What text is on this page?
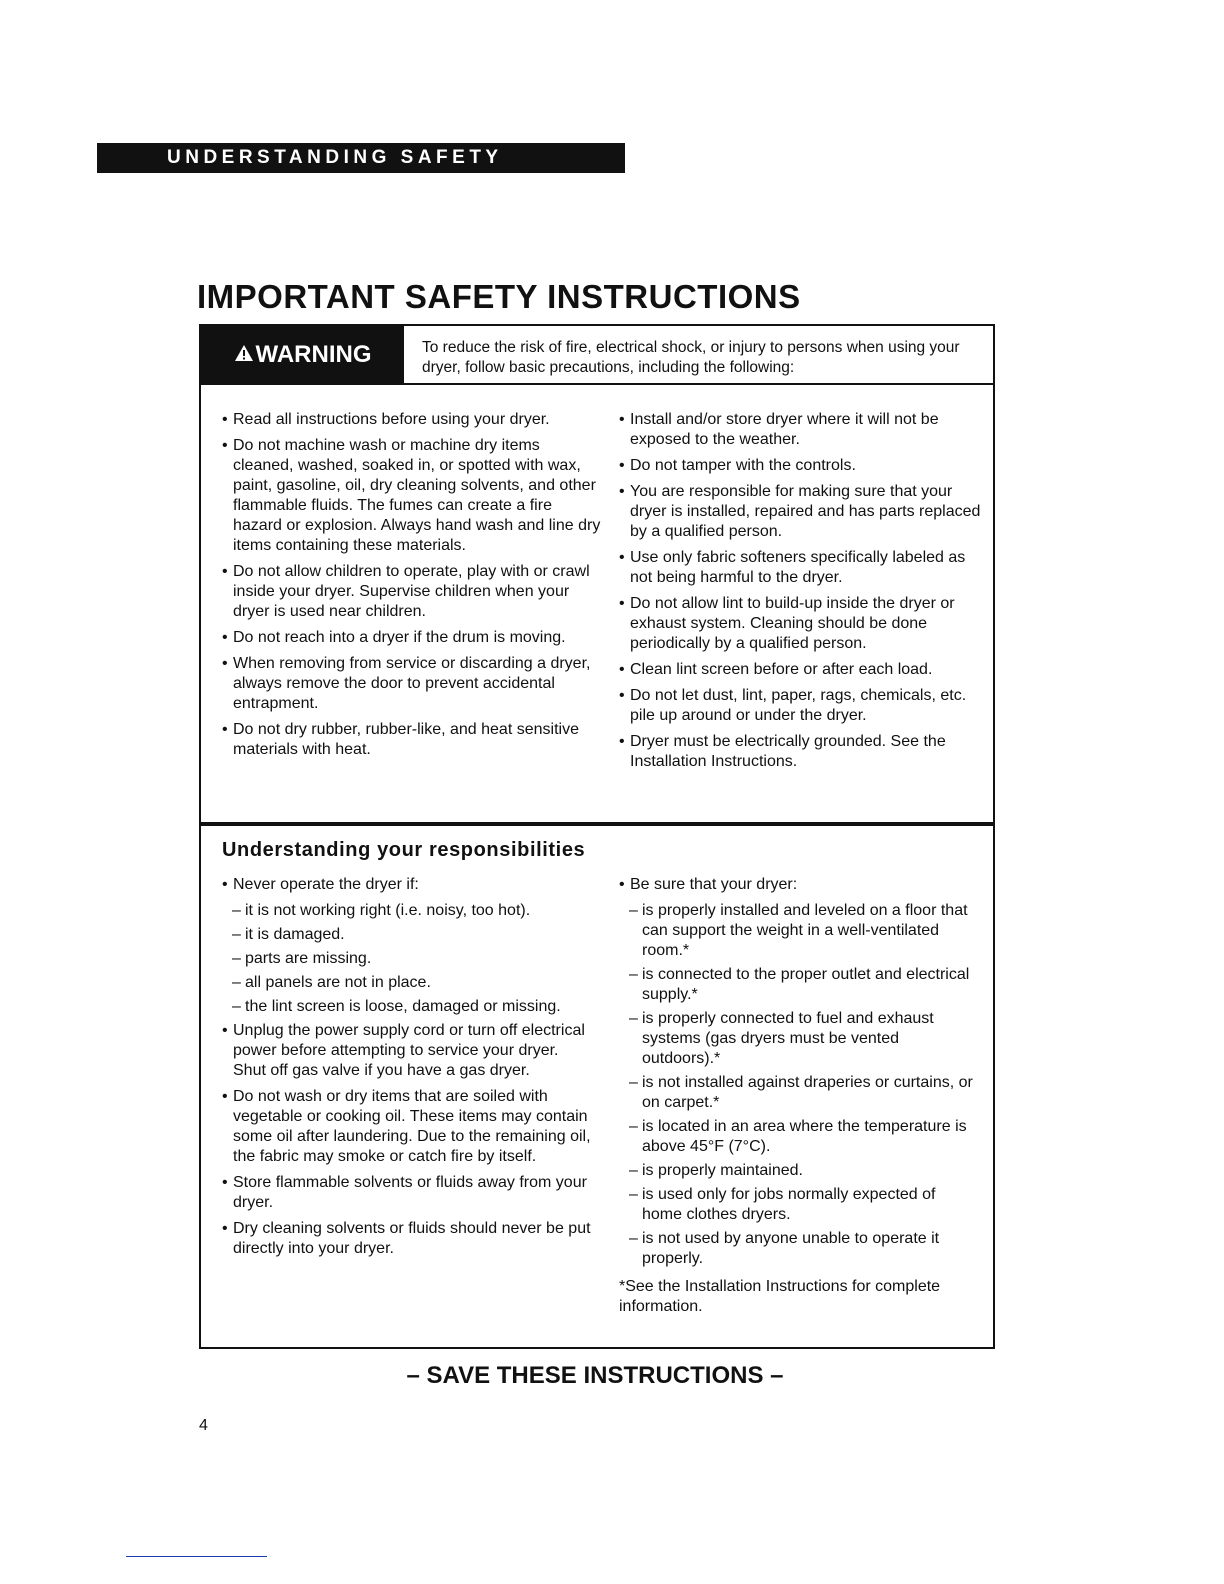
UNDERSTANDING SAFETY
IMPORTANT SAFETY INSTRUCTIONS
WARNING	To reduce the risk of fire, electrical shock, or injury to persons when using your dryer, follow basic precautions, including the following:
• Read all instructions before using your dryer.
• Do not machine wash or machine dry items cleaned, washed, soaked in, or spotted with wax, paint, gasoline, oil, dry cleaning solvents, and other flammable fluids. The fumes can create a fire hazard or explosion. Always hand wash and line dry items containing these materials.
• Do not allow children to operate, play with or crawl inside your dryer. Supervise children when your dryer is used near children.
• Do not reach into a dryer if the drum is moving.
• When removing from service or discarding a dryer, always remove the door to prevent accidental entrapment.
• Do not dry rubber, rubber-like, and heat sensitive materials with heat.
• Install and/or store dryer where it will not be exposed to the weather.
• Do not tamper with the controls.
• You are responsible for making sure that your dryer is installed, repaired and has parts replaced by a qualified person.
• Use only fabric softeners specifically labeled as not being harmful to the dryer.
• Do not allow lint to build-up inside the dryer or exhaust system. Cleaning should be done periodically by a qualified person.
• Clean lint screen before or after each load.
• Do not let dust, lint, paper, rags, chemicals, etc. pile up around or under the dryer.
• Dryer must be electrically grounded. See the Installation Instructions.
Understanding your responsibilities
• Never operate the dryer if:
– it is not working right (i.e. noisy, too hot).
– it is damaged.
– parts are missing.
– all panels are not in place.
– the lint screen is loose, damaged or missing.
• Unplug the power supply cord or turn off electrical power before attempting to service your dryer. Shut off gas valve if you have a gas dryer.
• Do not wash or dry items that are soiled with vegetable or cooking oil. These items may contain some oil after laundering. Due to the remaining oil, the fabric may smoke or catch fire by itself.
• Store flammable solvents or fluids away from your dryer.
• Dry cleaning solvents or fluids should never be put directly into your dryer.
• Be sure that your dryer:
– is properly installed and leveled on a floor that can support the weight in a well-ventilated room.*
– is connected to the proper outlet and electrical supply.*
– is properly connected to fuel and exhaust systems (gas dryers must be vented outdoors).*
– is not installed against draperies or curtains, or on carpet.*
– is located in an area where the temperature is above 45°F (7°C).
– is properly maintained.
– is used only for jobs normally expected of home clothes dryers.
– is not used by anyone unable to operate it properly.
*See the Installation Instructions for complete information.
– SAVE THESE INSTRUCTIONS –
4
